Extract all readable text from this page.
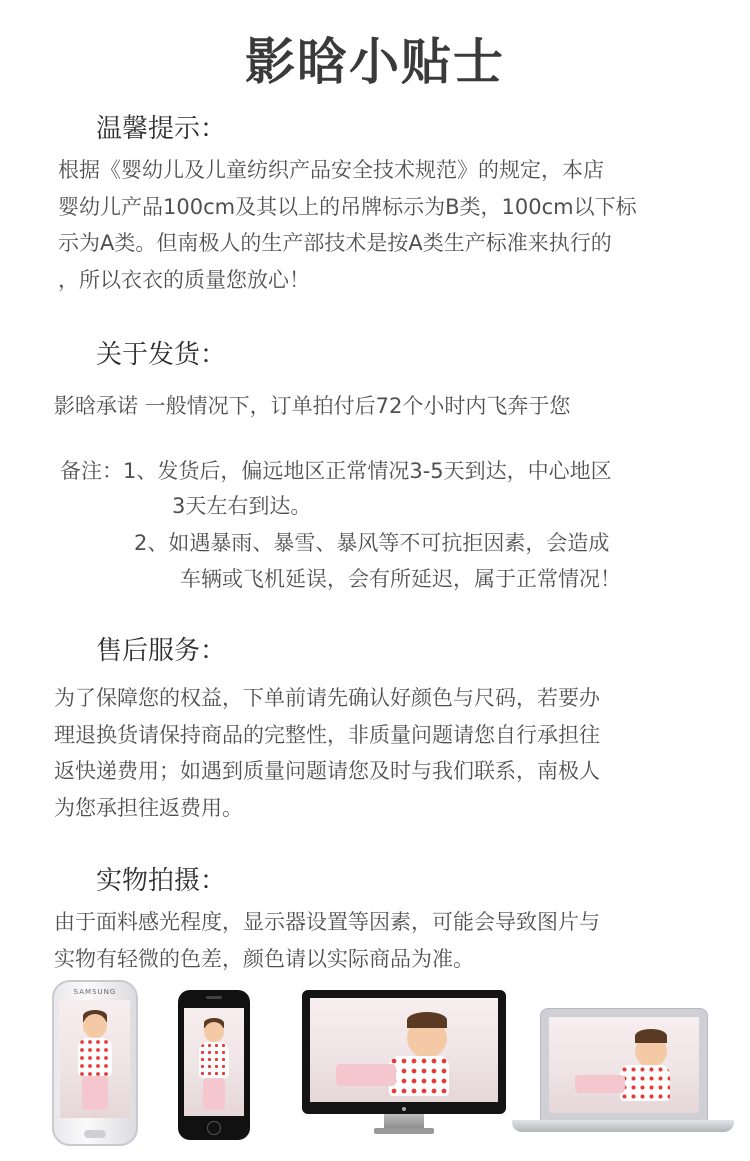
影晗小贴士
温馨提示：
根据《婴幼儿及儿童纺织产品安全技术规范》的规定，本店
婴幼儿产品100cm及其以上的吊牌标示为B类，100cm以下标
示为A类。但南极人的生产部技术是按A类生产标准来执行的
，所以衣衣的质量您放心！
关于发货：
影晗承诺 一般情况下，订单拍付后72个小时内飞奔于您
备注：1、发货后，偏远地区正常情况3-5天到达，中心地区
3天左右到达。
2、如遇暴雨、暴雪、暴风等不可抗拒因素，会造成
车辆或飞机延误，会有所延迟，属于正常情况！
售后服务：
为了保障您的权益，下单前请先确认好颜色与尺码，若要办
理退换货请保持商品的完整性，非质量问题请您自行承担往
返快递费用；如遇到质量问题请您及时与我们联系，南极人
为您承担往返费用。
实物拍摄：
由于面料感光程度，显示器设置等因素，可能会导致图片与
实物有轻微的色差，颜色请以实际商品为准。
SAMSUNG
